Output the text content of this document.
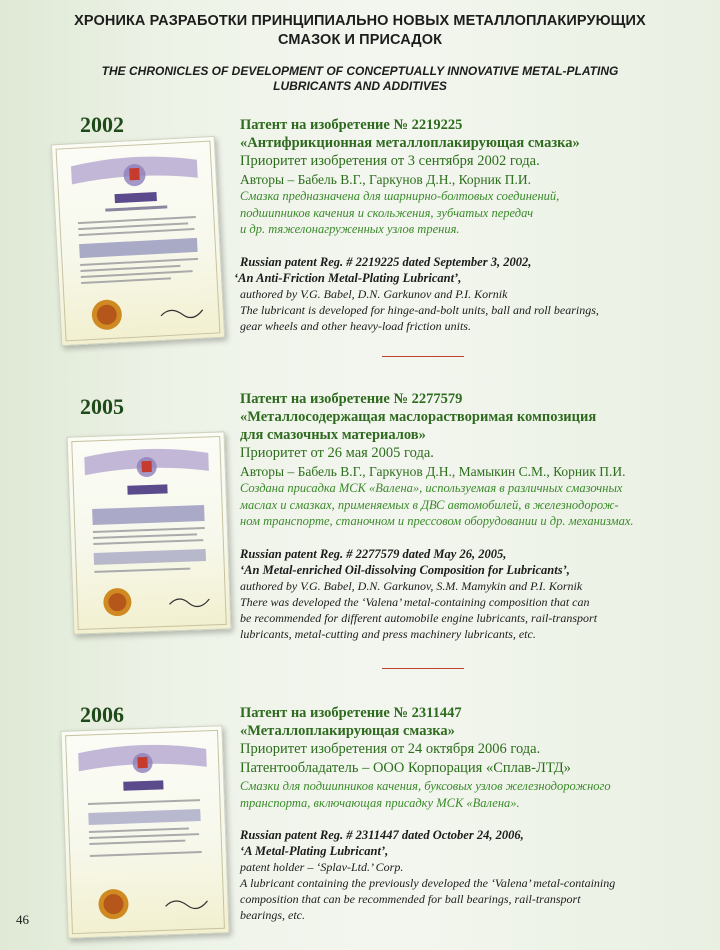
ХРОНИКА РАЗРАБОТКИ ПРИНЦИПИАЛЬНО НОВЫХ МЕТАЛЛОПЛАКИРУЮЩИХ
СМАЗОК И ПРИСАДОК
THE CHRONICLES OF DEVELOPMENT OF CONCEPTUALLY INNOVATIVE METAL-PLATING
LUBRICANTS AND ADDITIVES
2002	Патент на изобретение № 2219225
«Антифрикционная металлоплакирующая смазка»
Приоритет изобретения от 3 сентября 2002 года.
Авторы – Бабель В.Г., Гаркунов Д.Н., Корник П.И.
Смазка предназначена для шарнирно-болтовых соединений,
подшипников качения и скольжения, зубчатых передач
и др. тяжелонагруженных узлов трения.
Russian patent Reg. # 2219225 dated September 3, 2002,
‘An Anti-Friction Metal-Plating Lubricant’,
authored by V.G. Babel, D.N. Garkunov and P.I. Kornik
The lubricant is developed for hinge-and-bolt units, ball and roll bearings,
gear wheels and other heavy-load friction units.
2005	Патент на изобретение № 2277579
«Металлосодержащая маслорастворимая композиция
для смазочных материалов»
Приоритет от 26 мая 2005 года.
Авторы – Бабель В.Г., Гаркунов Д.Н., Мамыкин С.М., Корник П.И.
Создана присадка МСК «Валена», используемая в различных смазочных
маслах и смазках, применяемых в ДВС автомобилей, в железнодорож-
ном транспорте, станочном и прессовом оборудовании и др. механизмах.
Russian patent Reg. # 2277579 dated May 26, 2005,
‘An Metal-enriched Oil-dissolving Composition for Lubricants’,
authored by V.G. Babel, D.N. Garkunov, S.M. Mamykin and P.I. Kornik
There was developed the ‘Valena’ metal-containing composition that can
be recommended for different automobile engine lubricants, rail-transport
lubricants, metal-cutting and press machinery lubricants, etc.
2006	Патент на изобретение № 2311447
«Металлоплакирующая смазка»
Приоритет изобретения от 24 октября 2006 года.
Патентообладатель – ООО Корпорация «Сплав-ЛТД»
Смазки для подшипников качения, буксовых узлов железнодорожного
транспорта, включающая присадку МСК «Валена».
Russian patent Reg. # 2311447 dated October 24, 2006,
‘A Metal-Plating Lubricant’,
patent holder – ‘Splav-Ltd.’ Corp.
A lubricant containing the previously developed the ‘Valena’ metal-containing
composition that can be recommended for ball bearings, rail-transport
bearings, etc.
46
